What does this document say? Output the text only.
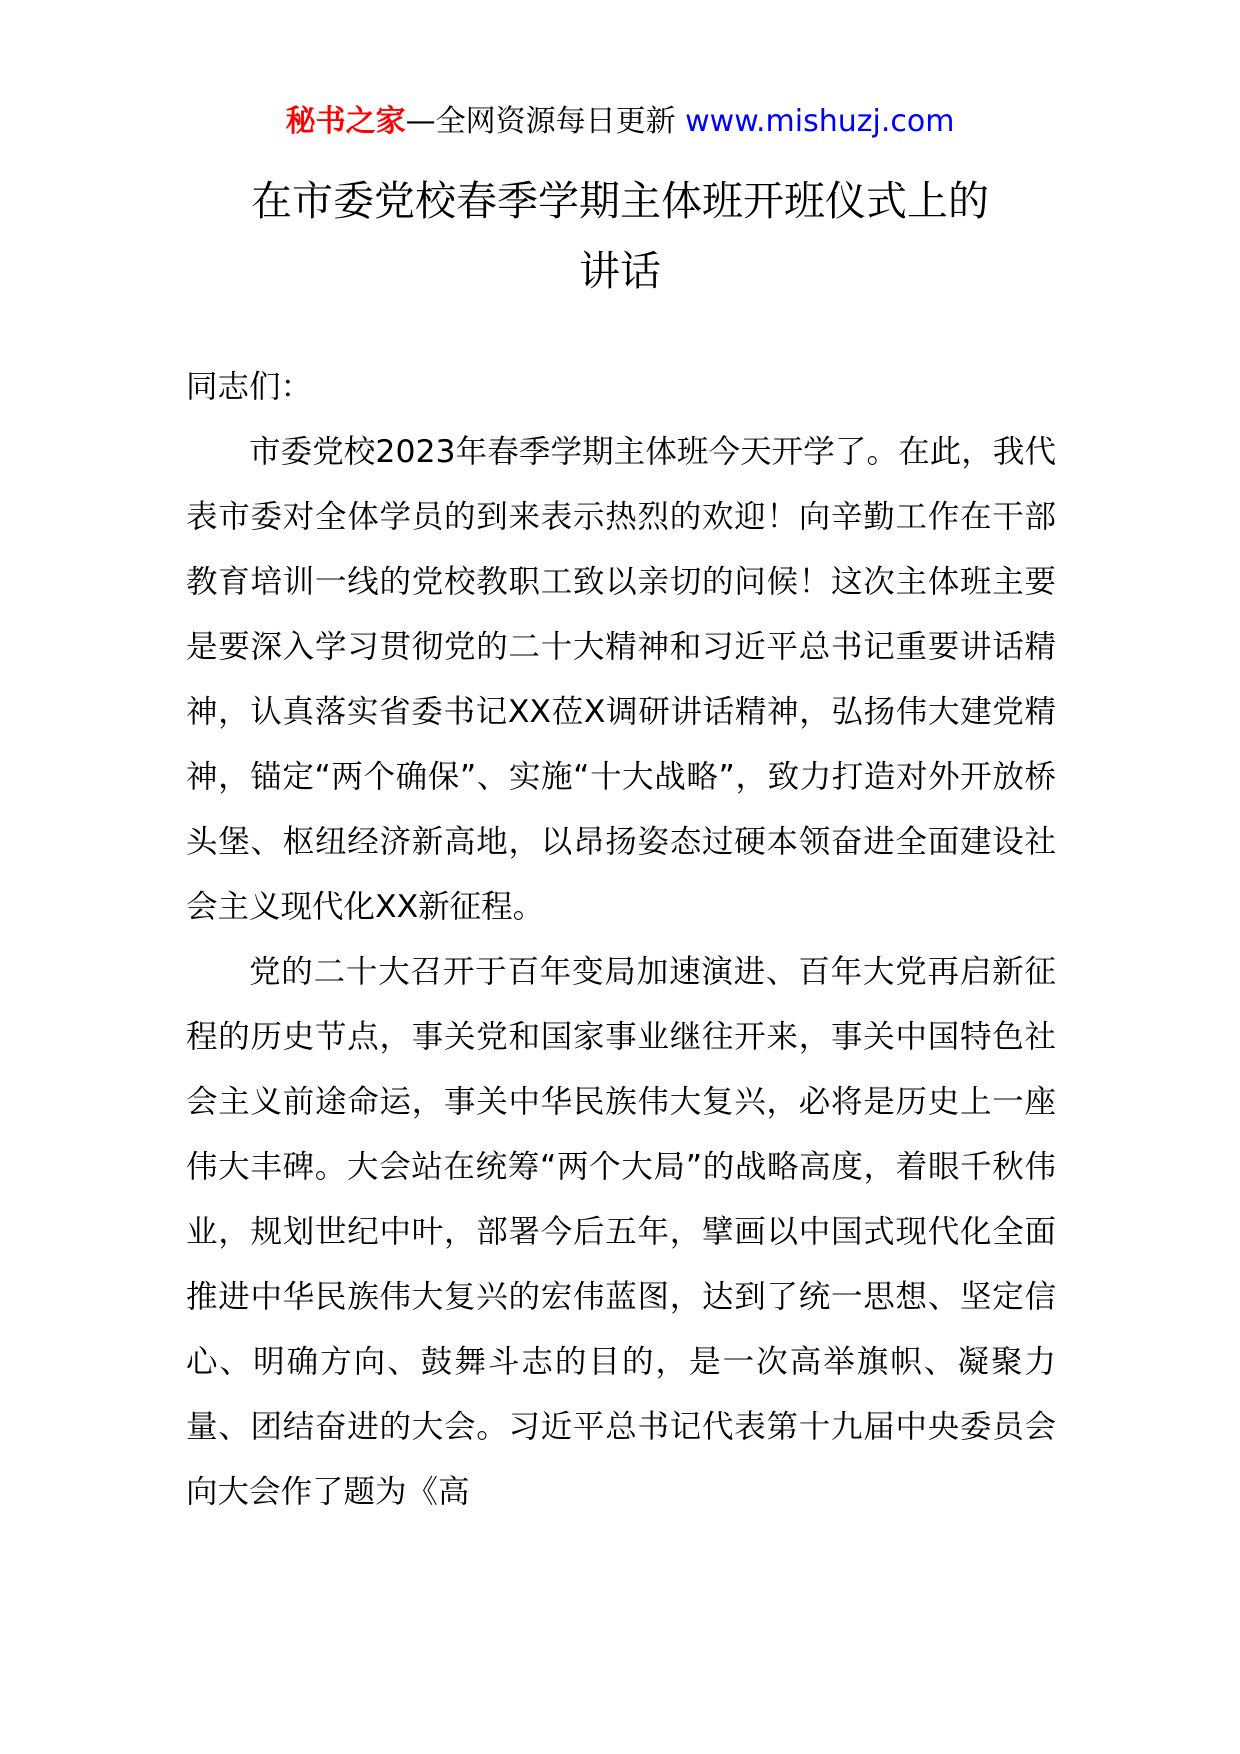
秘书之家—全网资源每日更新 www.mishuzj.com
在市委党校春季学期主体班开班仪式上的
讲话

同志们：

市委党校2023年春季学期主体班今天开学了。在此，我代表市委对全体学员的到来表示热烈的欢迎！向辛勤工作在干部教育培训一线的党校教职工致以亲切的问候！这次主体班主要是要深入学习贯彻党的二十大精神和习近平总书记重要讲话精神，认真落实省委书记XX莅X调研讲话精神，弘扬伟大建党精神，锚定“两个确保”、实施“十大战略”，致力打造对外开放桥头堡、枢纽经济新高地，以昂扬姿态过硬本领奋进全面建设社会主义现代化XX新征程。

党的二十大召开于百年变局加速演进、百年大党再启新征程的历史节点，事关党和国家事业继往开来，事关中国特色社会主义前途命运，事关中华民族伟大复兴，必将是历史上一座伟大丰碑。大会站在统筹“两个大局”的战略高度，着眼千秋伟业，规划世纪中叶，部署今后五年，擘画以中国式现代化全面推进中华民族伟大复兴的宏伟蓝图，达到了统一思想、坚定信心、明确方向、鼓舞斗志的目的，是一次高举旗帜、凝聚力量、团结奋进的大会。习近平总书记代表第十九届中央委员会向大会作了题为《高
